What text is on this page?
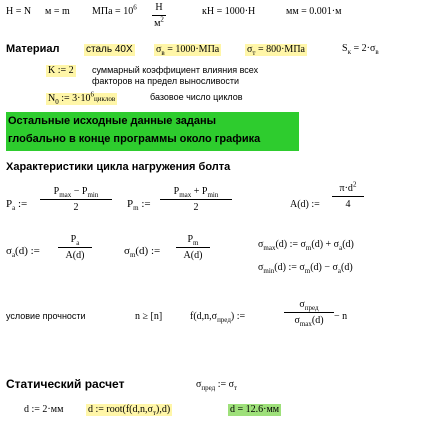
Н = N м = m МПа = $10^6$	Н
$м^2$
кН = 1000·Н	мм = 0.001·м
Материал	сталь 40Х $\sigma_в = 1000\cdot МПа$	$\sigma_т = 800\cdot МПа$	$S_к = 2\cdot\sigma_в$
K := 2 суммарный коэффициент влияния всех
факторов на предел выносливости
$N_0$ := $3\cdot 10^6циклов$	базовое число циклов
Остальные исходные данные заданы
глобально в конце программы около графика
Характеристики цикла нагружения болта
$P_a$ :=
$P_{max} - P_{min}$
2	$P_m$ :=
$P_{max} + P_{min}$
2	A(d) :=
$\pi\cdot d^2$
4
$\sigma_a(d)$ :=
$P_a$
A(d)	$\sigma_m(d)$ :=
$P_m$
A(d)
$\sigma_{max}(d)$ := $\sigma_m(d) + \sigma_a(d)$
$\sigma_{min}(d)$ := $\sigma_m(d) - \sigma_a(d)$
условие прочности	n ≥ [n]	$f(d,n,\sigma_{пред})$ :=
$\sigma_{пред}$
$\sigma_{max}(d)$	− n
Статический расчет	$\sigma_{пред}$ := $\sigma_т$
d := 2·мм d := $root(f(d,n,\sigma_т),d)$	d = 12.6·мм
